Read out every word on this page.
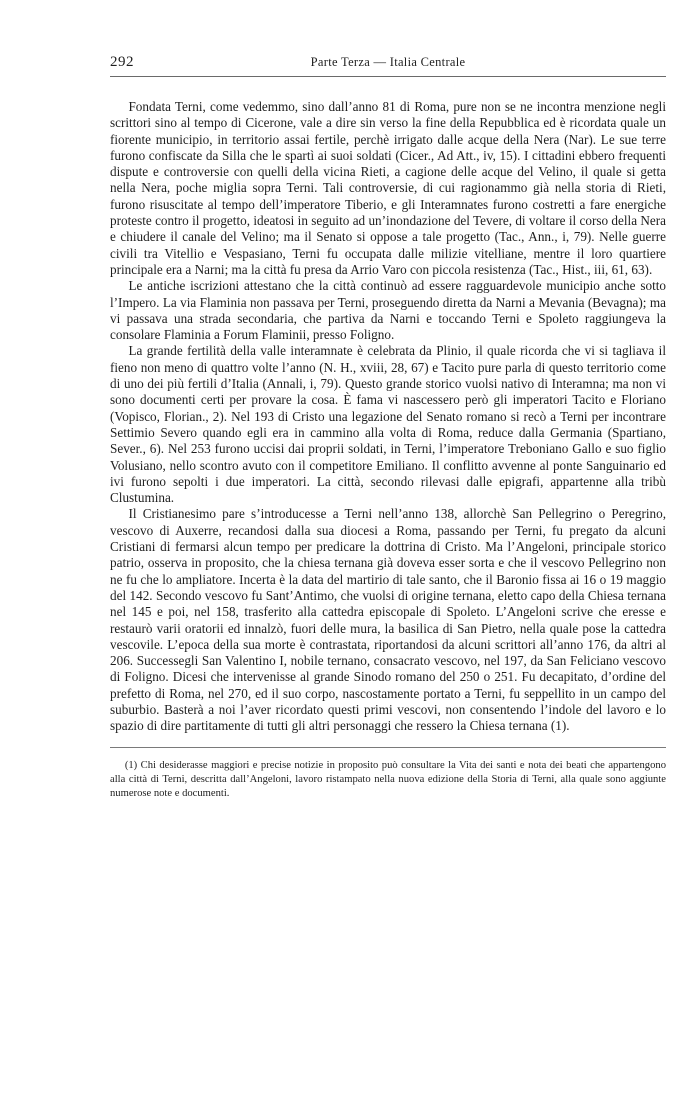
292	Parte Terza — Italia Centrale

Fondata Terni, come vedemmo, sino dall’anno 81 di Roma, pure non se ne incontra menzione negli scrittori sino al tempo di Cicerone, vale a dire sin verso la fine della Repubblica ed è ricordata quale un fiorente municipio, in territorio assai fertile, perchè irrigato dalle acque della Nera (Nar). Le sue terre furono confiscate da Silla che le spartì ai suoi soldati (Cicer., Ad Att., iv, 15). I cittadini ebbero frequenti dispute e controversie con quelli della vicina Rieti, a cagione delle acque del Velino, il quale si getta nella Nera, poche miglia sopra Terni. Tali controversie, di cui ragionammo già nella storia di Rieti, furono risuscitate al tempo dell’imperatore Tiberio, e gli Interamnates furono costretti a fare energiche proteste contro il progetto, ideatosi in seguito ad un’inondazione del Tevere, di voltare il corso della Nera e chiudere il canale del Velino; ma il Senato si oppose a tale progetto (Tac., Ann., i, 79). Nelle guerre civili tra Vitellio e Vespasiano, Terni fu occupata dalle milizie vitelliane, mentre il loro quartiere principale era a Narni; ma la città fu presa da Arrio Varo con piccola resistenza (Tac., Hist., iii, 61, 63).

Le antiche iscrizioni attestano che la città continuò ad essere ragguardevole municipio anche sotto l’Impero. La via Flaminia non passava per Terni, proseguendo diretta da Narni a Mevania (Bevagna); ma vi passava una strada secondaria, che partiva da Narni e toccando Terni e Spoleto raggiungeva la consolare Flaminia a Forum Flaminii, presso Foligno.

La grande fertilità della valle interamnate è celebrata da Plinio, il quale ricorda che vi si tagliava il fieno non meno di quattro volte l’anno (N. H., xviii, 28, 67) e Tacito pure parla di questo territorio come di uno dei più fertili d’Italia (Annali, i, 79). Questo grande storico vuolsi nativo di Interamna; ma non vi sono documenti certi per provare la cosa. È fama vi nascessero però gli imperatori Tacito e Floriano (Vopisco, Florian., 2). Nel 193 di Cristo una legazione del Senato romano si recò a Terni per incontrare Settimio Severo quando egli era in cammino alla volta di Roma, reduce dalla Germania (Spartiano, Sever., 6). Nel 253 furono uccisi dai proprii soldati, in Terni, l’imperatore Treboniano Gallo e suo figlio Volusiano, nello scontro avuto con il competitore Emiliano. Il conflitto avvenne al ponte Sanguinario ed ivi furono sepolti i due imperatori. La città, secondo rilevasi dalle epigrafi, appartenne alla tribù Clustumina.

Il Cristianesimo pare s’introducesse a Terni nell’anno 138, allorchè San Pellegrino o Peregrino, vescovo di Auxerre, recandosi dalla sua diocesi a Roma, passando per Terni, fu pregato da alcuni Cristiani di fermarsi alcun tempo per predicare la dottrina di Cristo. Ma l’Angeloni, principale storico patrio, osserva in proposito, che la chiesa ternana già doveva esser sorta e che il vescovo Pellegrino non ne fu che lo ampliatore. Incerta è la data del martirio di tale santo, che il Baronio fissa ai 16 o 19 maggio del 142. Secondo vescovo fu Sant’Antimo, che vuolsi di origine ternana, eletto capo della Chiesa ternana nel 145 e poi, nel 158, trasferito alla cattedra episcopale di Spoleto. L’Angeloni scrive che eresse e restaurò varii oratorii ed innalzò, fuori delle mura, la basilica di San Pietro, nella quale pose la cattedra vescovile. L’epoca della sua morte è contrastata, riportandosi da alcuni scrittori all’anno 176, da altri al 206. Successegli San Valentino I, nobile ternano, consacrato vescovo, nel 197, da San Feliciano vescovo di Foligno. Dicesi che intervenisse al grande Sinodo romano del 250 o 251. Fu decapitato, d’ordine del prefetto di Roma, nel 270, ed il suo corpo, nascostamente portato a Terni, fu seppellito in un campo del suburbio. Basterà a noi l’aver ricordato questi primi vescovi, non consentendo l’indole del lavoro e lo spazio di dire partitamente di tutti gli altri personaggi che ressero la Chiesa ternana (1).

(1) Chi desiderasse maggiori e precise notizie in proposito può consultare la Vita dei santi e nota dei beati che appartengono alla città di Terni, descritta dall’Angeloni, lavoro ristampato nella nuova edizione della Storia di Terni, alla quale sono aggiunte numerose note e documenti.
